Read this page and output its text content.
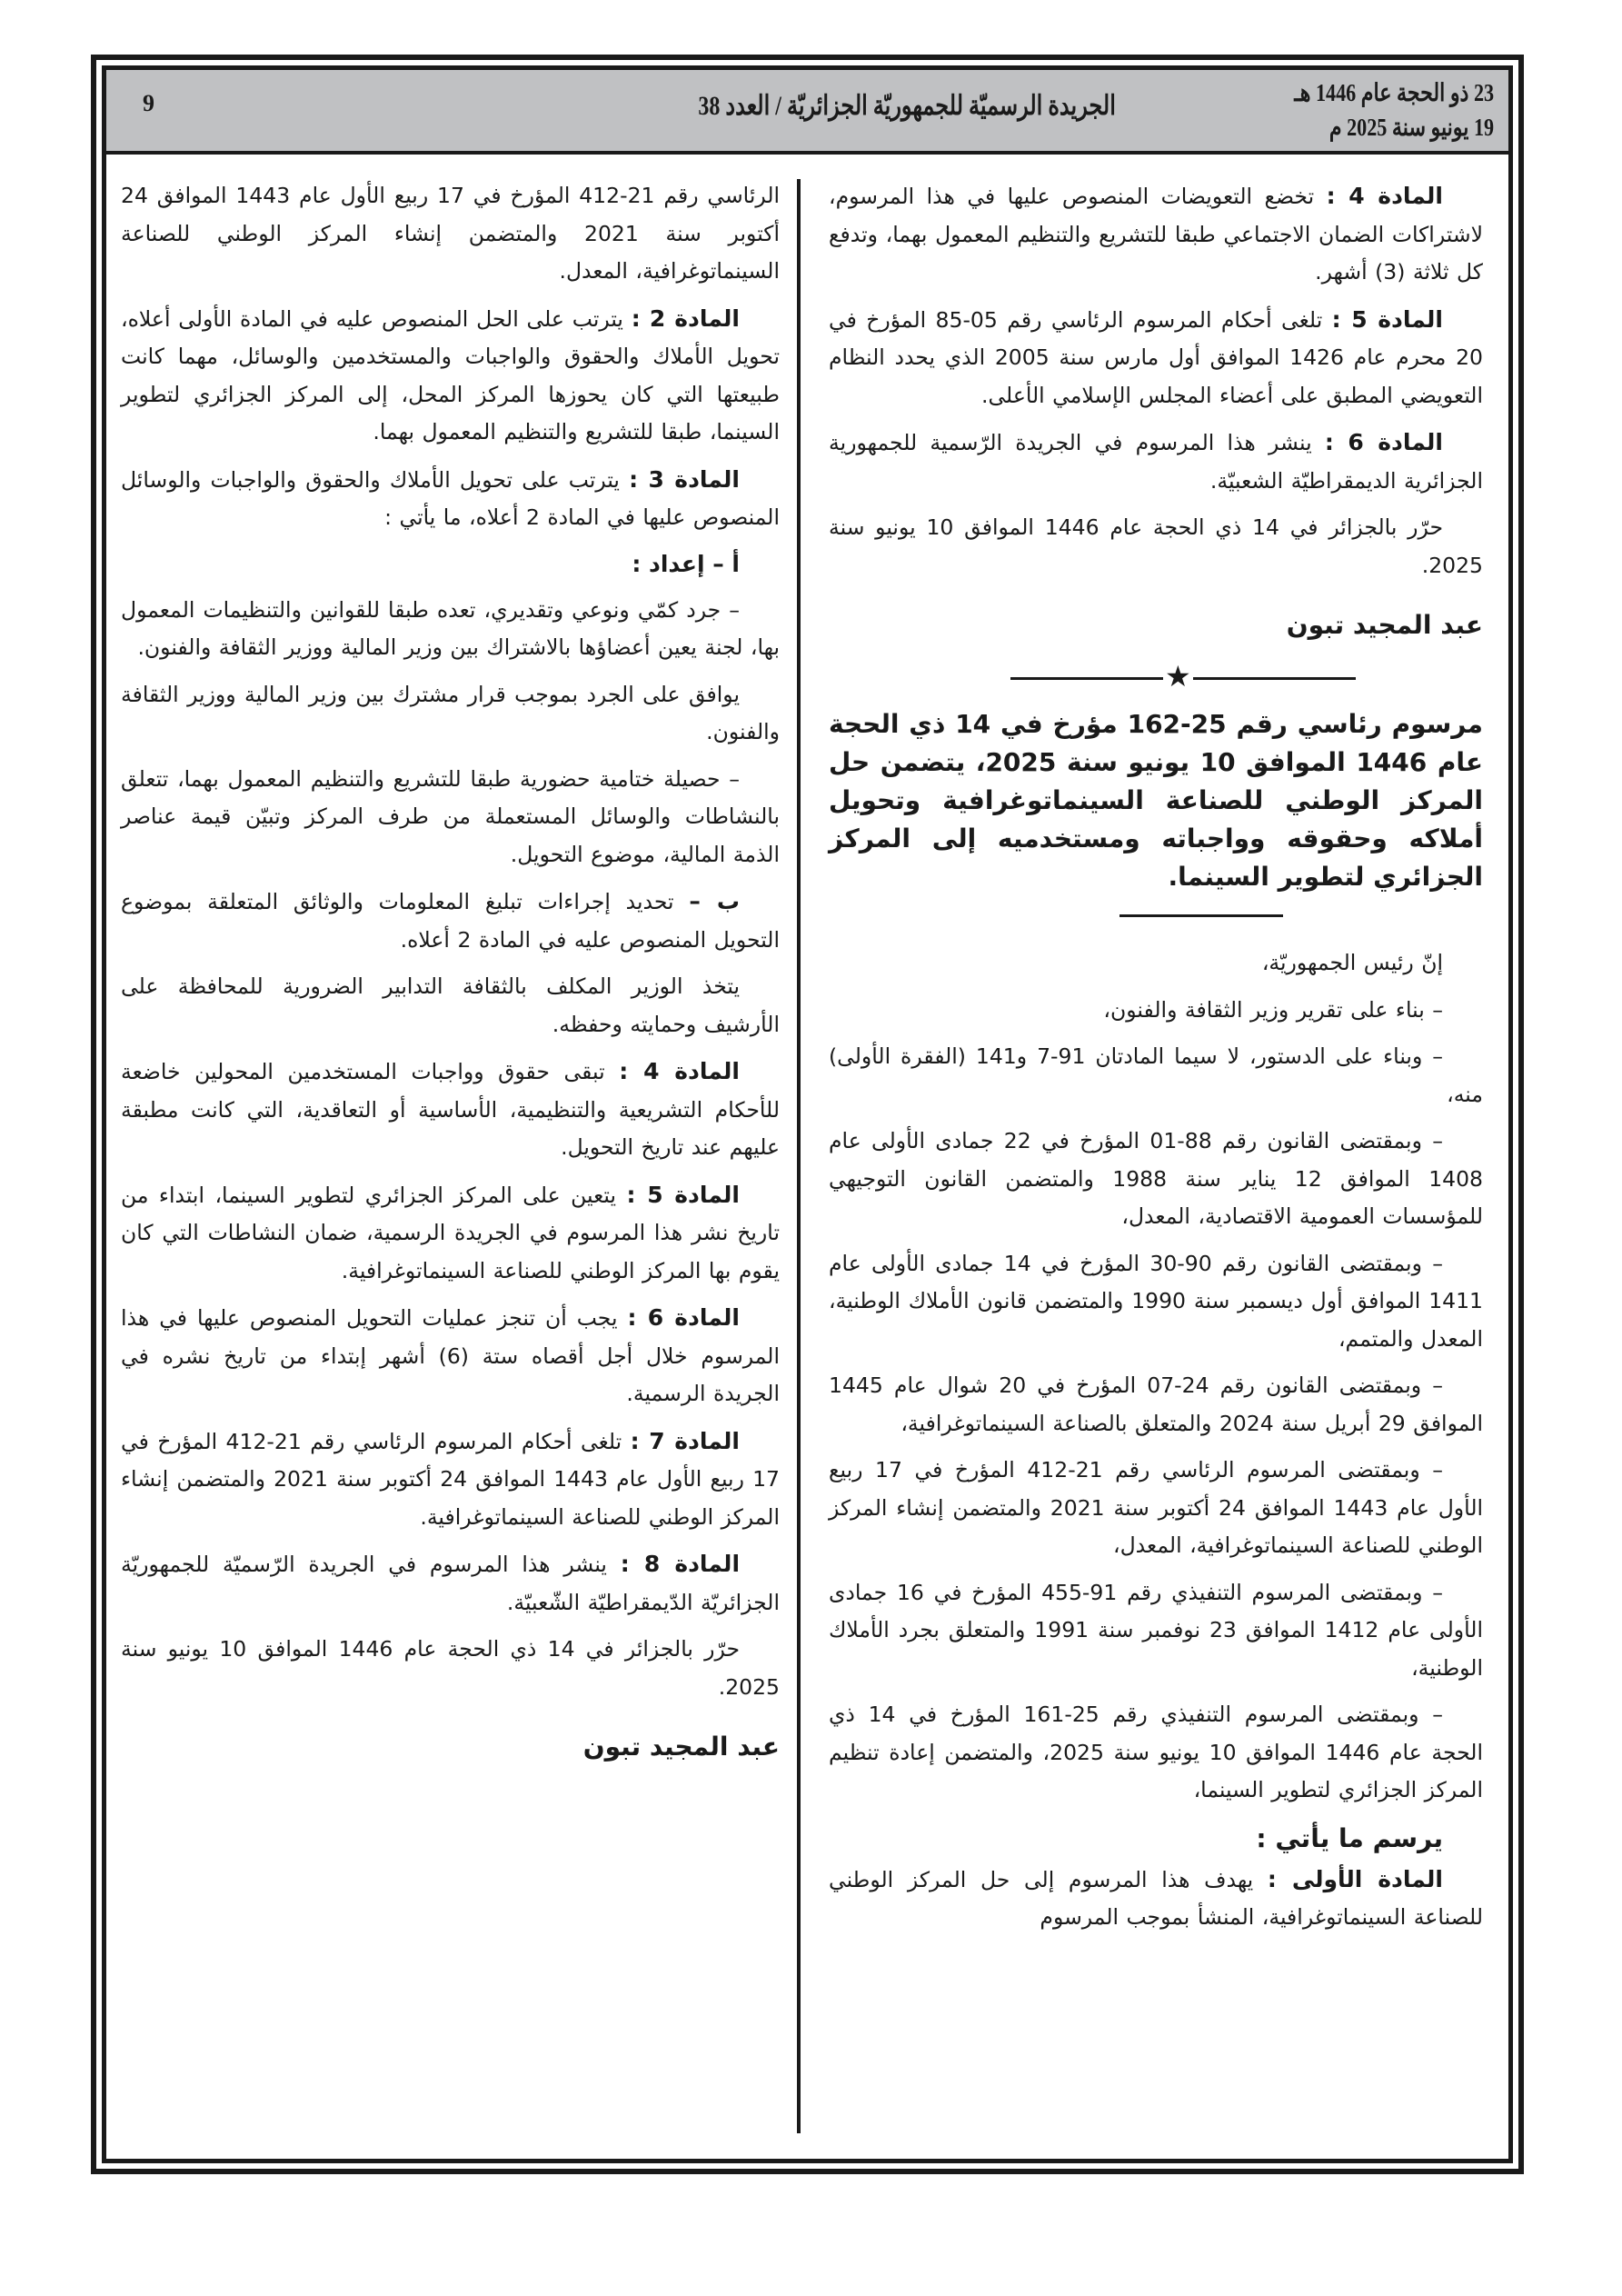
23 ذو الحجة عام 1446 هـ
19 يونيو سنة 2025 م
الجريدة الرسميّة للجمهوريّة الجزائريّة / العدد 38
9

المادة 4 : تخضع التعويضات المنصوص عليها في هذا المرسوم، لاشتراكات الضمان الاجتماعي طبقا للتشريع والتنظيم المعمول بهما، وتدفع كل ثلاثة (3) أشهر.

المادة 5 : تلغى أحكام المرسوم الرئاسي رقم 05-85 المؤرخ في 20 محرم عام 1426 الموافق أول مارس سنة 2005 الذي يحدد النظام التعويضي المطبق على أعضاء المجلس الإسلامي الأعلى.

المادة 6 : ينشر هذا المرسوم في الجريدة الرّسمية للجمهورية الجزائرية الديمقراطيّة الشعبيّة.

حرّر بالجزائر في 14 ذي الحجة عام 1446 الموافق 10 يونيو سنة 2025.

عبد المجيد تبون
★
مرسوم رئاسي رقم 25-162 مؤرخ في 14 ذي الحجة عام 1446 الموافق 10 يونيو سنة 2025، يتضمن حل المركز الوطني للصناعة السينماتوغرافية وتحويل أملاكه وحقوقه وواجباته ومستخدميه إلى المركز الجزائري لتطوير السينما.

إنّ رئيس الجمهوريّة،

– بناء على تقرير وزير الثقافة والفنون،

– وبناء على الدستور، لا سيما المادتان 91-7 و141 (الفقرة الأولى) منه،

– وبمقتضى القانون رقم 88-01 المؤرخ في 22 جمادى الأولى عام 1408 الموافق 12 يناير سنة 1988 والمتضمن القانون التوجيهي للمؤسسات العمومية الاقتصادية، المعدل،

– وبمقتضى القانون رقم 90-30 المؤرخ في 14 جمادى الأولى عام 1411 الموافق أول ديسمبر سنة 1990 والمتضمن قانون الأملاك الوطنية، المعدل والمتمم،

– وبمقتضى القانون رقم 24-07 المؤرخ في 20 شوال عام 1445 الموافق 29 أبريل سنة 2024 والمتعلق بالصناعة السينماتوغرافية،

– وبمقتضى المرسوم الرئاسي رقم 21-412 المؤرخ في 17 ربيع الأول عام 1443 الموافق 24 أكتوبر سنة 2021 والمتضمن إنشاء المركز الوطني للصناعة السينماتوغرافية، المعدل،

– وبمقتضى المرسوم التنفيذي رقم 91-455 المؤرخ في 16 جمادى الأولى عام 1412 الموافق 23 نوفمبر سنة 1991 والمتعلق بجرد الأملاك الوطنية،

– وبمقتضى المرسوم التنفيذي رقم 25-161 المؤرخ في 14 ذي الحجة عام 1446 الموافق 10 يونيو سنة 2025، والمتضمن إعادة تنظيم المركز الجزائري لتطوير السينما،

يرسم ما يأتي :

المادة الأولى : يهدف هذا المرسوم إلى حل المركز الوطني للصناعة السينماتوغرافية، المنشأ بموجب المرسوم

الرئاسي رقم 21-412 المؤرخ في 17 ربيع الأول عام 1443 الموافق 24 أكتوبر سنة 2021 والمتضمن إنشاء المركز الوطني للصناعة السينماتوغرافية، المعدل.

المادة 2 : يترتب على الحل المنصوص عليه في المادة الأولى أعلاه، تحويل الأملاك والحقوق والواجبات والمستخدمين والوسائل، مهما كانت طبيعتها التي كان يحوزها المركز المحل، إلى المركز الجزائري لتطوير السينما، طبقا للتشريع والتنظيم المعمول بهما.

المادة 3 : يترتب على تحويل الأملاك والحقوق والواجبات والوسائل المنصوص عليها في المادة 2 أعلاه، ما يأتي :

أ – إعداد :

– جرد كمّي ونوعي وتقديري، تعده طبقا للقوانين والتنظيمات المعمول بها، لجنة يعين أعضاؤها بالاشتراك بين وزير المالية ووزير الثقافة والفنون.

يوافق على الجرد بموجب قرار مشترك بين وزير المالية ووزير الثقافة والفنون.

– حصيلة ختامية حضورية طبقا للتشريع والتنظيم المعمول بهما، تتعلق بالنشاطات والوسائل المستعملة من طرف المركز وتبيّن قيمة عناصر الذمة المالية، موضوع التحويل.

ب – تحديد إجراءات تبليغ المعلومات والوثائق المتعلقة بموضوع التحويل المنصوص عليه في المادة 2 أعلاه.

يتخذ الوزير المكلف بالثقافة التدابير الضرورية للمحافظة على الأرشيف وحمايته وحفظه.

المادة 4 : تبقى حقوق وواجبات المستخدمين المحولين خاضعة للأحكام التشريعية والتنظيمية، الأساسية أو التعاقدية، التي كانت مطبقة عليهم عند تاريخ التحويل.

المادة 5 : يتعين على المركز الجزائري لتطوير السينما، ابتداء من تاريخ نشر هذا المرسوم في الجريدة الرسمية، ضمان النشاطات التي كان يقوم بها المركز الوطني للصناعة السينماتوغرافية.

المادة 6 : يجب أن تنجز عمليات التحويل المنصوص عليها في هذا المرسوم خلال أجل أقصاه ستة (6) أشهر إبتداء من تاريخ نشره في الجريدة الرسمية.

المادة 7 : تلغى أحكام المرسوم الرئاسي رقم 21-412 المؤرخ في 17 ربيع الأول عام 1443 الموافق 24 أكتوبر سنة 2021 والمتضمن إنشاء المركز الوطني للصناعة السينماتوغرافية.

المادة 8 : ينشر هذا المرسوم في الجريدة الرّسميّة للجمهوريّة الجزائريّة الدّيمقراطيّة الشّعبيّة.

حرّر بالجزائر في 14 ذي الحجة عام 1446 الموافق 10 يونيو سنة 2025.

عبد المجيد تبون
